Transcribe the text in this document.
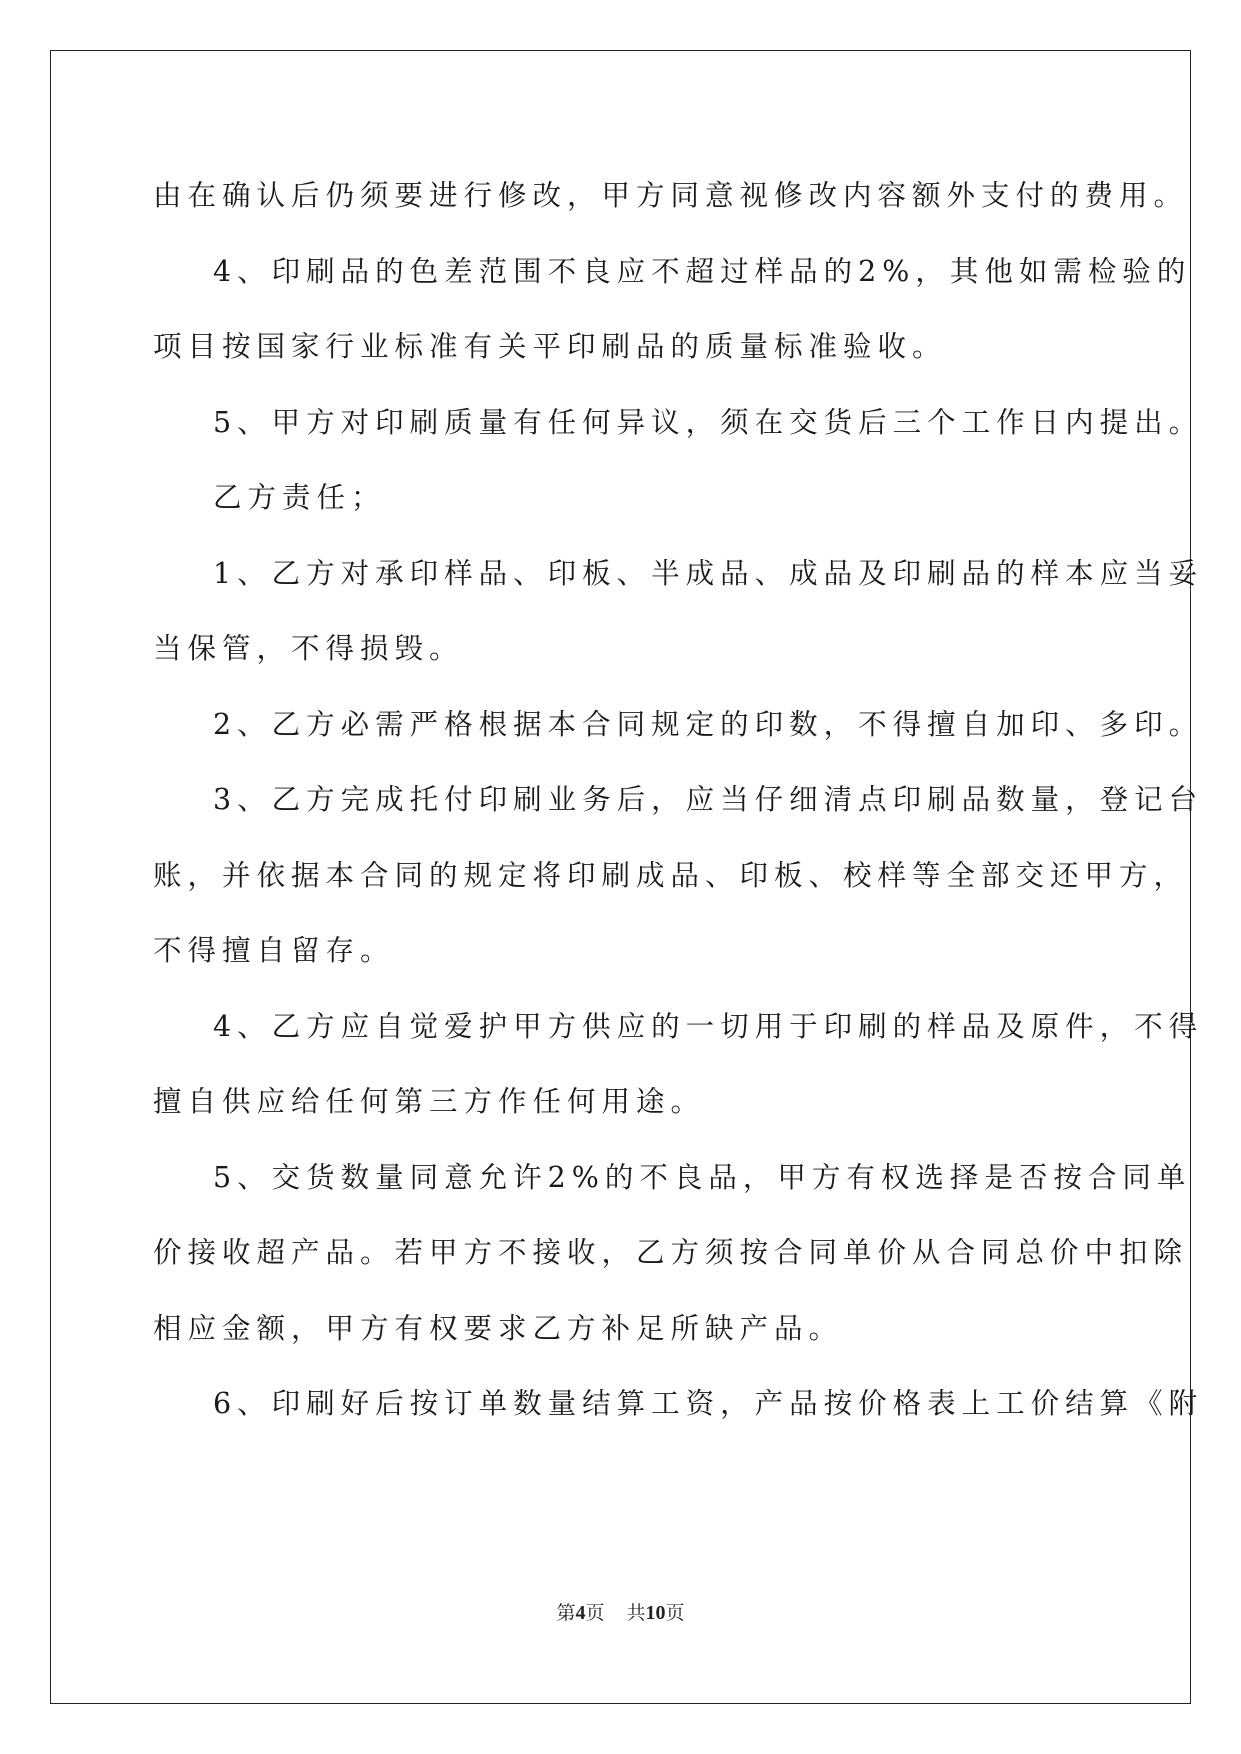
由在确认后仍须要进行修改，甲方同意视修改内容额外支付的费用。
4、印刷品的色差范围不良应不超过样品的2%，其他如需检验的
项目按国家行业标准有关平印刷品的质量标准验收。
5、甲方对印刷质量有任何异议，须在交货后三个工作日内提出。
乙方责任；
1、乙方对承印样品、印板、半成品、成品及印刷品的样本应当妥
当保管，不得损毁。
2、乙方必需严格根据本合同规定的印数，不得擅自加印、多印。
3、乙方完成托付印刷业务后，应当仔细清点印刷品数量，登记台
账，并依据本合同的规定将印刷成品、印板、校样等全部交还甲方，
不得擅自留存。
4、乙方应自觉爱护甲方供应的一切用于印刷的样品及原件，不得
擅自供应给任何第三方作任何用途。
5、交货数量同意允许2%的不良品，甲方有权选择是否按合同单
价接收超产品。若甲方不接收，乙方须按合同单价从合同总价中扣除
相应金额，甲方有权要求乙方补足所缺产品。
6、印刷好后按订单数量结算工资，产品按价格表上工价结算《附
第4页 共10页
